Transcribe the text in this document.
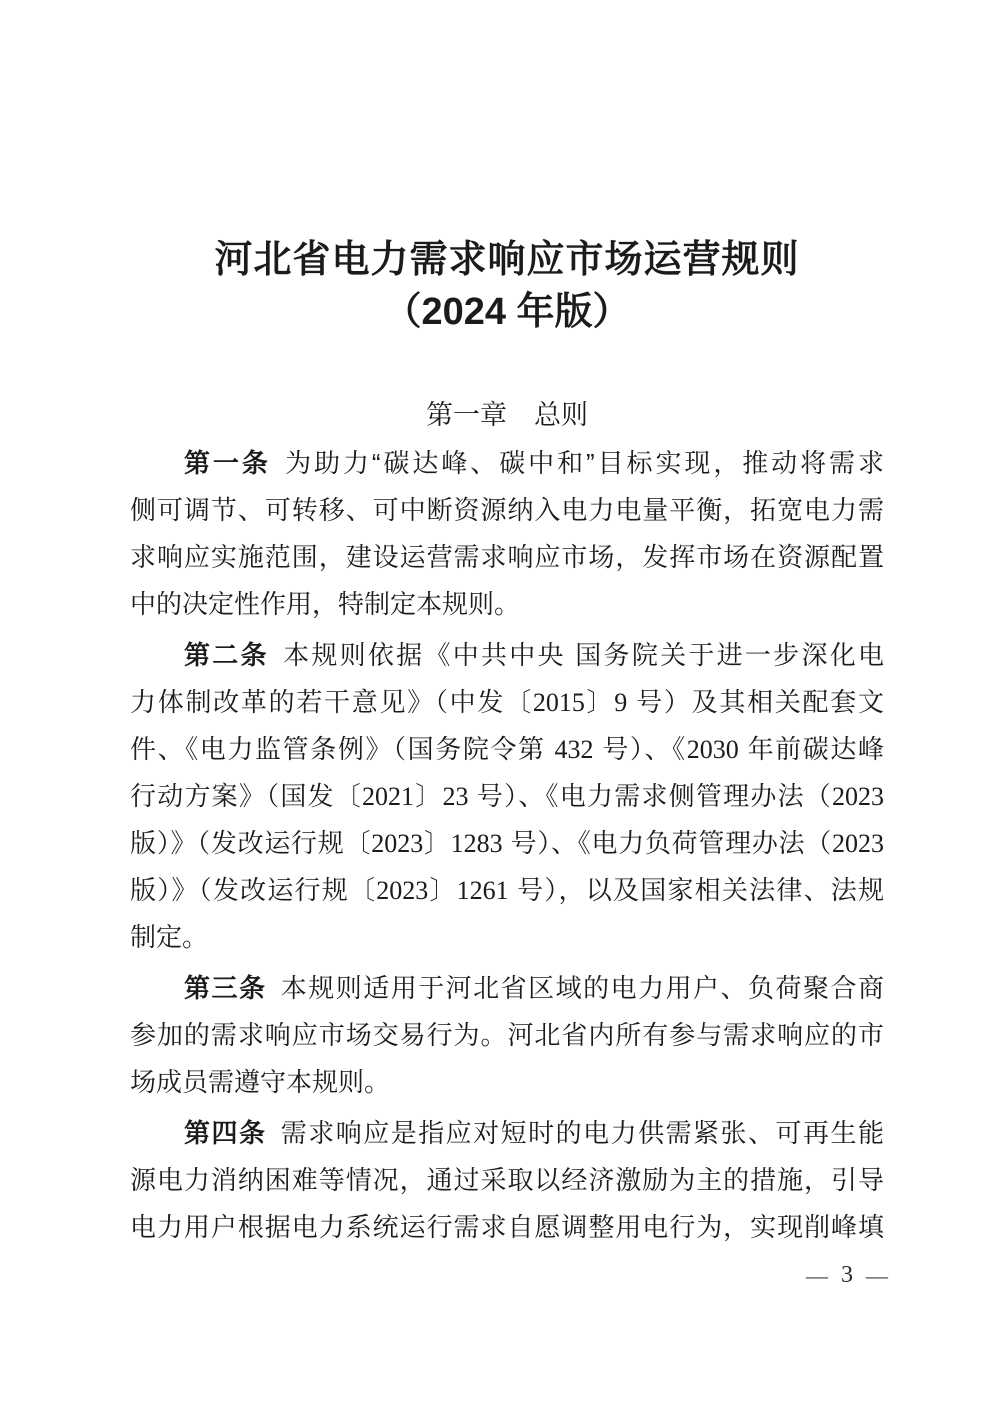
河北省电力需求响应市场运营规则
（2024 年版）
第一章 总则

第一条 为助力“碳达峰、碳中和”目标实现，推动将需求

侧可调节、可转移、可中断资源纳入电力电量平衡，拓宽电力需

求响应实施范围，建设运营需求响应市场，发挥市场在资源配置

中的决定性作用，特制定本规则。

第二条 本规则依据《中共中央 国务院关于进一步深化电

力体制改革的若干意见》（中发〔2015〕9 号）及其相关配套文

件、《电力监管条例》（国务院令第 432 号）、《2030 年前碳达峰

行动方案》（国发〔2021〕23 号）、《电力需求侧管理办法（2023

版）》（发改运行规〔2023〕1283 号）、《电力负荷管理办法（2023

版）》（发改运行规〔2023〕1261 号），以及国家相关法律、法规

制定。

第三条 本规则适用于河北省区域的电力用户、负荷聚合商

参加的需求响应市场交易行为。河北省内所有参与需求响应的市

场成员需遵守本规则。

第四条 需求响应是指应对短时的电力供需紧张、可再生能

源电力消纳困难等情况，通过采取以经济激励为主的措施，引导

电力用户根据电力系统运行需求自愿调整用电行为，实现削峰填

— 3 —
